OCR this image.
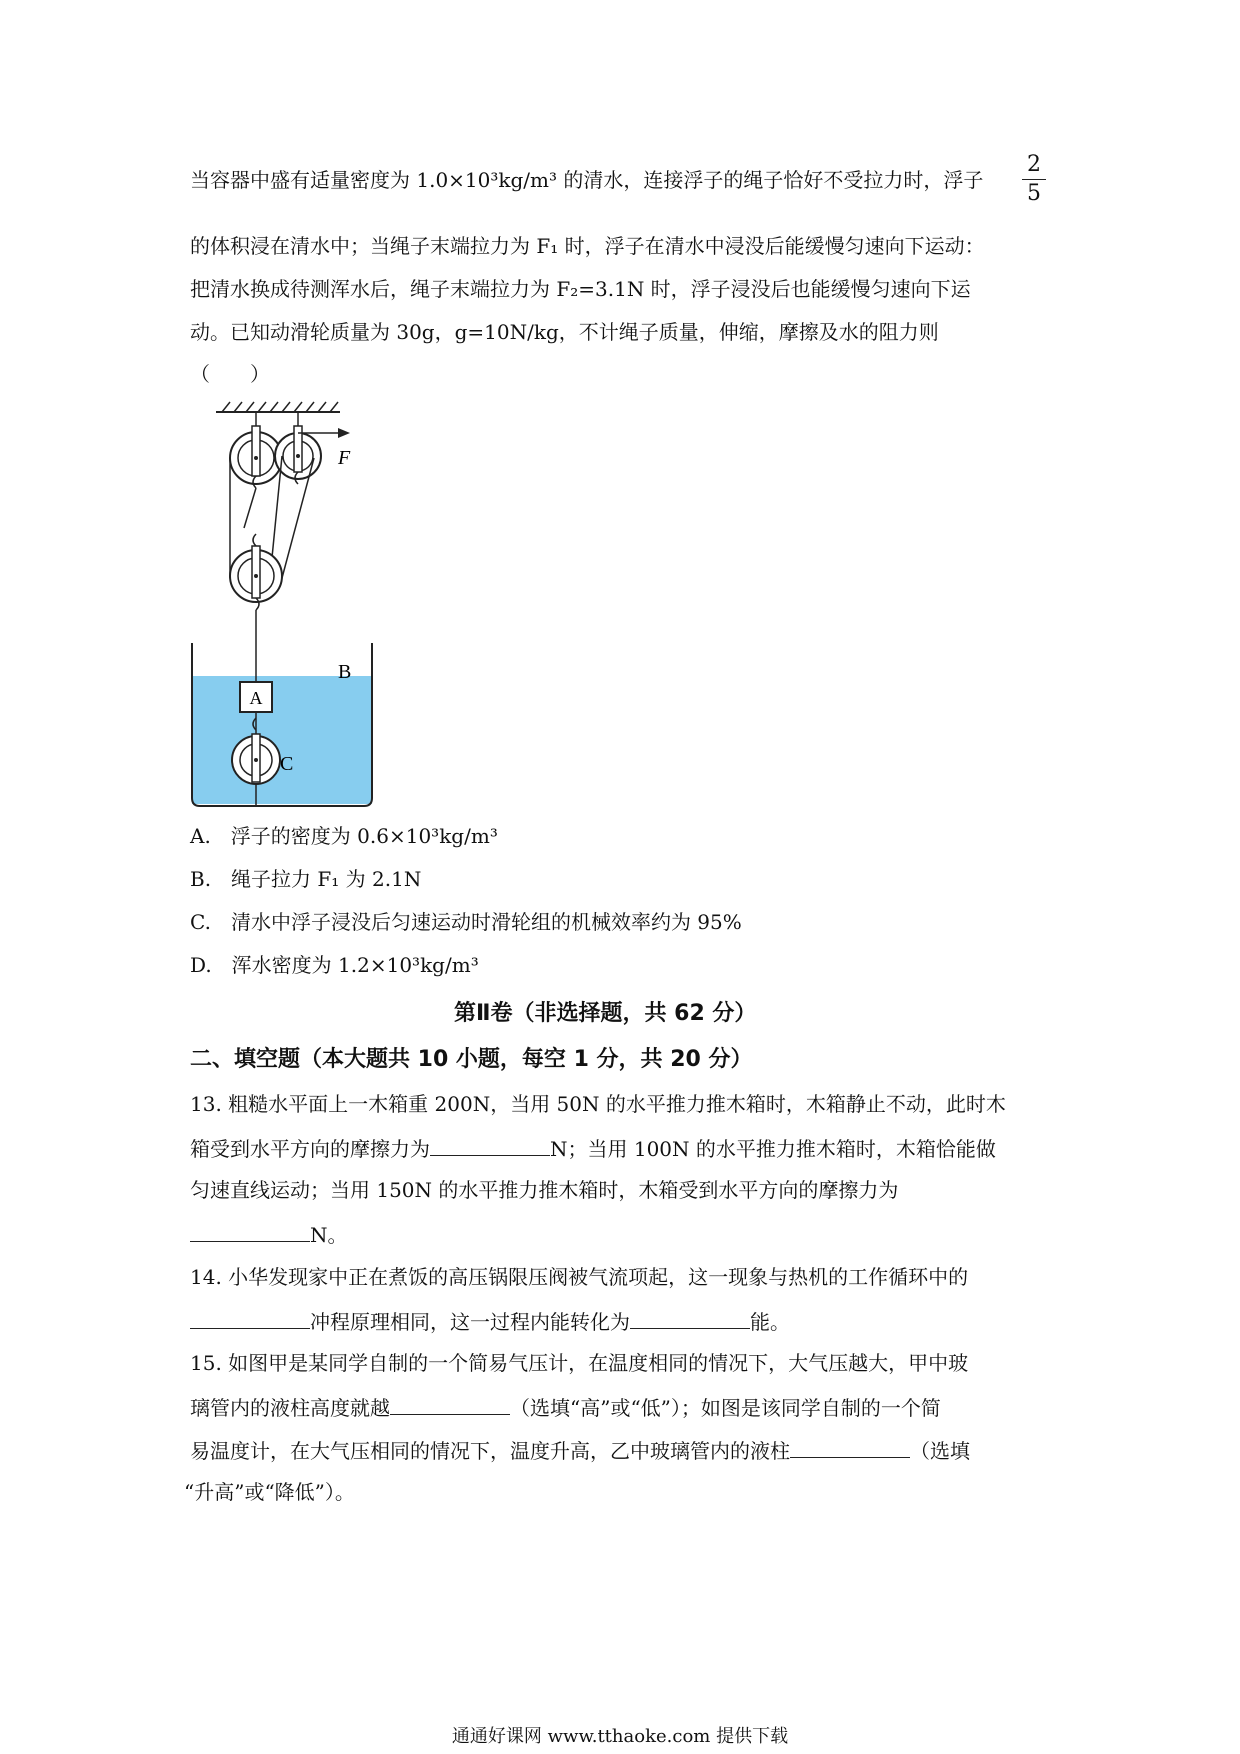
当容器中盛有适量密度为 1.0×10³kg/m³ 的清水，连接浮子的绳子恰好不受拉力时，浮子
2
5
的体积浸在清水中；当绳子末端拉力为 F₁ 时，浮子在清水中浸没后能缓慢匀速向下运动：
把清水换成待测浑水后，绳子末端拉力为 F₂=3.1N 时，浮子浸没后也能缓慢匀速向下运
动。已知动滑轮质量为 30g，g=10N/kg，不计绳子质量，伸缩，摩擦及水的阻力则
（　　）
F
B
A
C
A.　浮子的密度为 0.6×10³kg/m³
B.　绳子拉力 F₁ 为 2.1N
C.　清水中浮子浸没后匀速运动时滑轮组的机械效率约为 95%
D.　浑水密度为 1.2×10³kg/m³
第Ⅱ卷（非选择题，共 62 分）
二、填空题（本大题共 10 小题，每空 1 分，共 20 分）
13. 粗糙水平面上一木箱重 200N，当用 50N 的水平推力推木箱时，木箱静止不动，此时木
箱受到水平方向的摩擦力为	N；当用 100N 的水平推力推木箱时，木箱恰能做
匀速直线运动；当用 150N 的水平推力推木箱时，木箱受到水平方向的摩擦力为
N。
14. 小华发现家中正在煮饭的高压锅限压阀被气流项起，这一现象与热机的工作循环中的
冲程原理相同，这一过程内能转化为	能。
15. 如图甲是某同学自制的一个简易气压计，在温度相同的情况下，大气压越大，甲中玻
璃管内的液柱高度就越	（选填“高”或“低”）；如图是该同学自制的一个简
易温度计，在大气压相同的情况下，温度升高，乙中玻璃管内的液柱	（选填
“升高”或“降低”）。
通通好课网 www.tthaoke.com 提供下载
